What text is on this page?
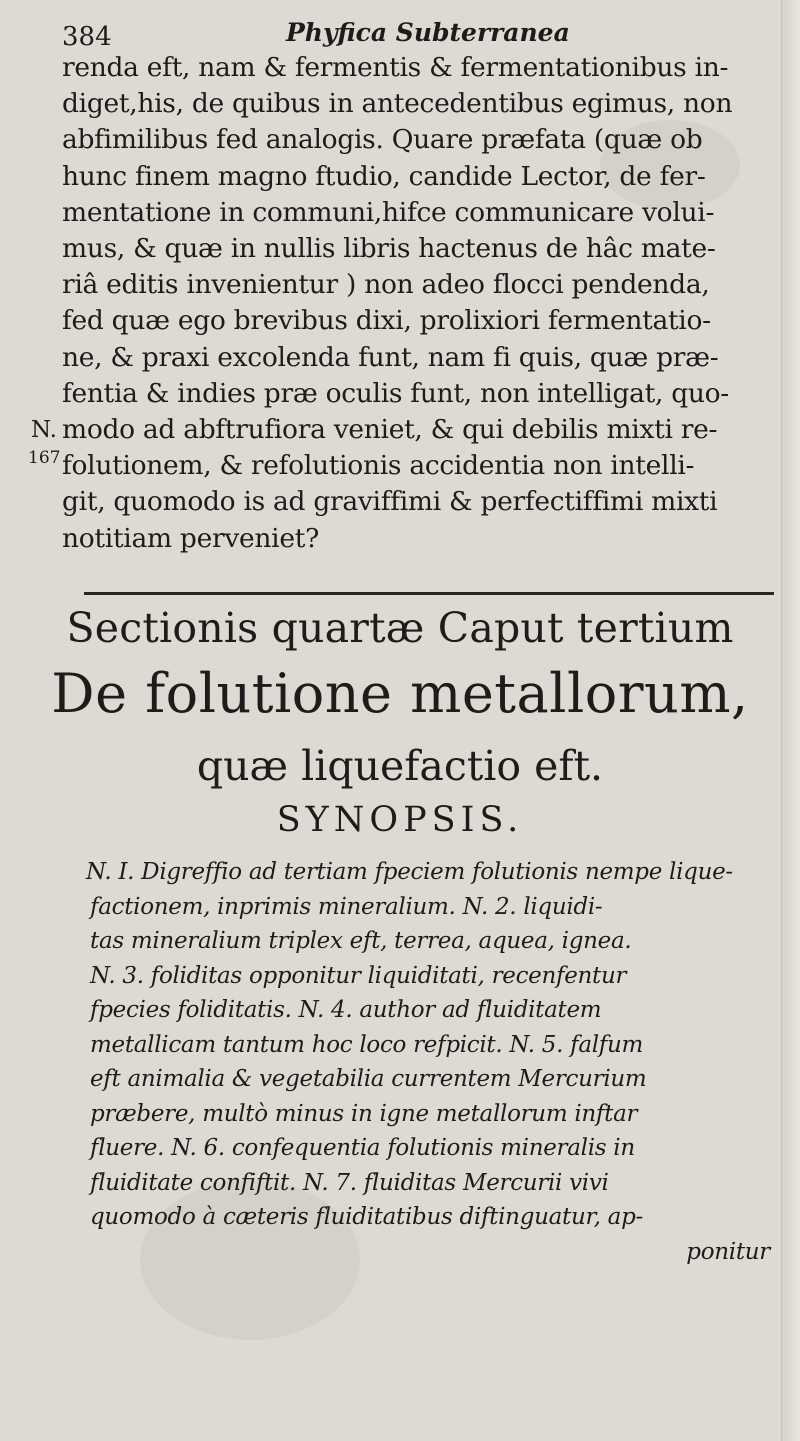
384	Phyfica Subterranea
renda eft, nam & fermentis & fermentationibus in-
diget,his, de quibus in antecedentibus egimus, non
abfimilibus fed analogis. Quare præfata (quæ ob
hunc finem magno ftudio, candide Lector, de fer-
mentatione in communi,hifce communicare volui-
mus, & quæ in nullis libris hactenus de hâc mate-
riâ editis invenientur ) non adeo flocci pendenda,
fed quæ ego brevibus dixi, prolixiori fermentatio-
ne, & praxi excolenda funt, nam fi quis, quæ præ-
fentia & indies præ oculis funt, non intelligat, quo-
modo ad abftrufiora veniet, & qui debilis mixti re-
folutionem, & refolutionis accidentia non intelli-
git, quomodo is ad graviffimi & perfectiffimi mixti
notitiam perveniet?
N.
167
Sectionis quartæ Caput tertium
De folutione metallorum,
quæ liquefactio eft.
SYNOPSIS.
N. I. Digreffio ad tertiam fpeciem folutionis nempe lique-
factionem, inprimis mineralium. N. 2. liquidi-
tas mineralium triplex eft, terrea, aquea, ignea.
N. 3. foliditas opponitur liquiditati, recenfentur
fpecies foliditatis. N. 4. author ad fluiditatem
metallicam tantum hoc loco refpicit. N. 5. falfum
eft animalia & vegetabilia currentem Mercurium
præbere, multò minus in igne metallorum inftar
fluere. N. 6. confequentia folutionis mineralis in
fluiditate confiftit. N. 7. fluiditas Mercurii vivi
quomodo à cæteris fluiditatibus diftinguatur, ap-
ponitur
